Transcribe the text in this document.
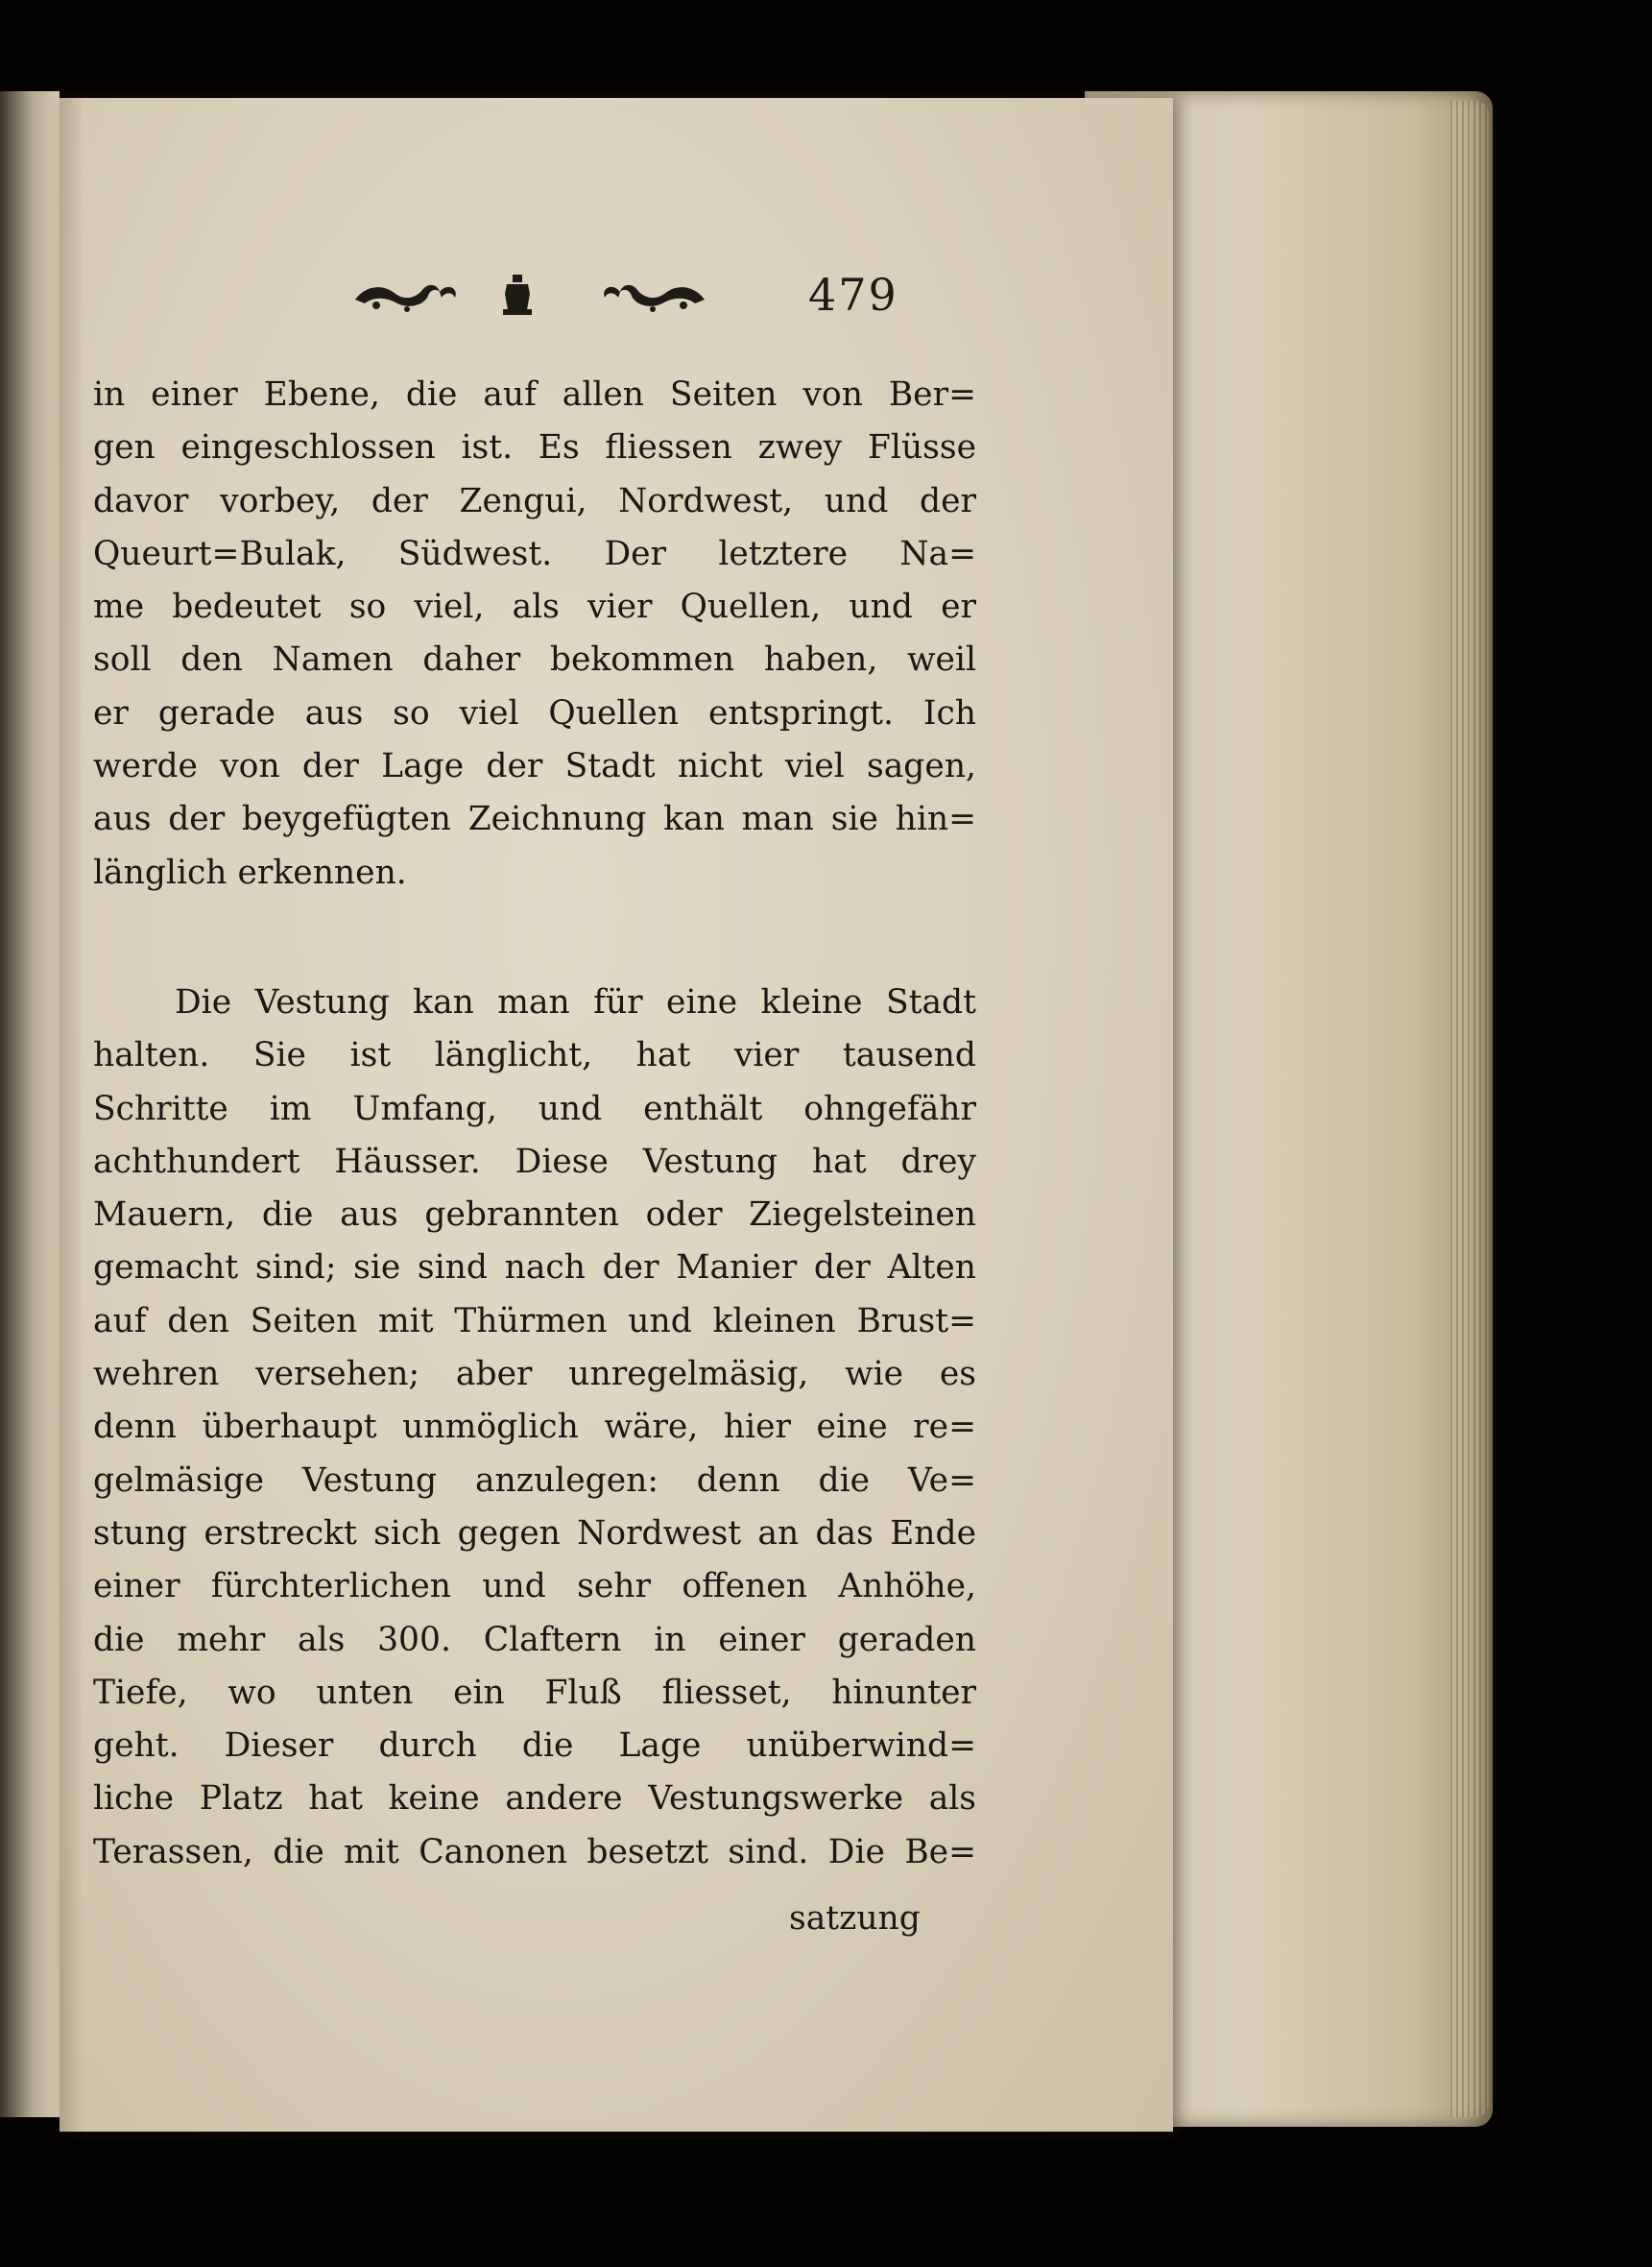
479
in einer Ebene, die auf allen Seiten von Ber=
gen eingeschlossen ist. Es fliessen zwey Flüsse
davor vorbey, der Zengui, Nordwest, und der
Queurt=Bulak, Südwest. Der letztere Na=
me bedeutet so viel, als vier Quellen, und er
soll den Namen daher bekommen haben, weil
er gerade aus so viel Quellen entspringt. Ich
werde von der Lage der Stadt nicht viel sagen,
aus der beygefügten Zeichnung kan man sie hin=
länglich erkennen.
Die Vestung kan man für eine kleine Stadt
halten. Sie ist länglicht, hat vier tausend
Schritte im Umfang, und enthält ohngefähr
achthundert Häusser. Diese Vestung hat drey
Mauern, die aus gebrannten oder Ziegelsteinen
gemacht sind; sie sind nach der Manier der Alten
auf den Seiten mit Thürmen und kleinen Brust=
wehren versehen; aber unregelmäsig, wie es
denn überhaupt unmöglich wäre, hier eine re=
gelmäsige Vestung anzulegen: denn die Ve=
stung erstreckt sich gegen Nordwest an das Ende
einer fürchterlichen und sehr offenen Anhöhe,
die mehr als 300. Claftern in einer geraden
Tiefe, wo unten ein Fluß fliesset, hinunter
geht. Dieser durch die Lage unüberwind=
liche Platz hat keine andere Vestungswerke als
Terassen, die mit Canonen besetzt sind. Die Be=
satzung
